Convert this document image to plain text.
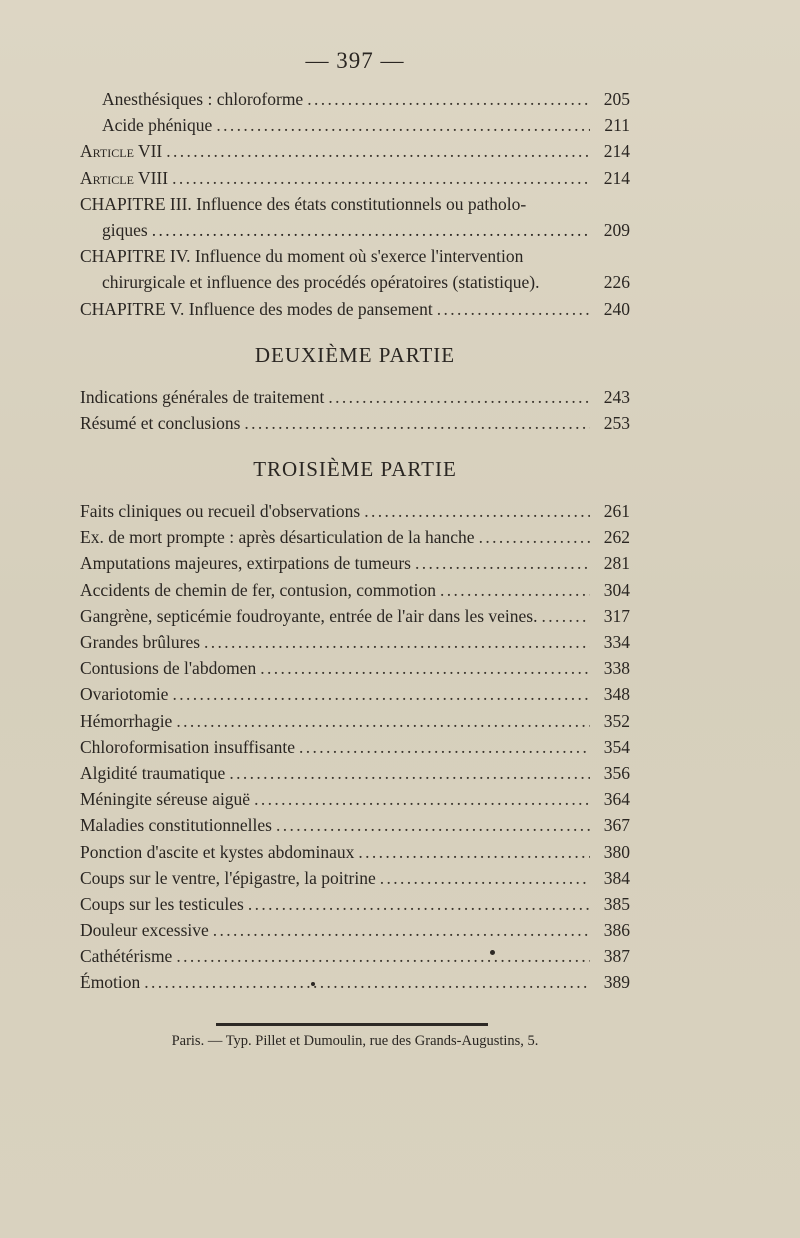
— 397 —
Anesthésiques : chloroforme . . .	205
Acide phénique . . .	211
Article VII . . .	214
Article VIII . . .	214
CHAPITRE III. Influence des états constitutionnels ou patholo-
giques . . .	209
CHAPITRE IV. Influence du moment où s'exerce l'intervention
chirurgicale et influence des procédés opératoires (statistique).	226
CHAPITRE V. Influence des modes de pansement . . .	240
DEUXIÈME PARTIE
Indications générales de traitement . . .	243
Résumé et conclusions . . .	253
TROISIÈME PARTIE
Faits cliniques ou recueil d'observations . . .	261
Ex. de mort prompte : après désarticulation de la hanche . . .	262
Amputations majeures, extirpations de tumeurs . . .	281
Accidents de chemin de fer, contusion, commotion . . .	304
Gangrène, septicémie foudroyante, entrée de l'air dans les veines. . . .	317
Grandes brûlures . . .	334
Contusions de l'abdomen . . .	338
Ovariotomie . . .	348
Hémorrhagie . . .	352
Chloroformisation insuffisante . . .	354
Algidité traumatique . . .	356
Méningite séreuse aiguë . . .	364
Maladies constitutionnelles . . .	367
Ponction d'ascite et kystes abdominaux . . .	380
Coups sur le ventre, l'épigastre, la poitrine . . .	384
Coups sur les testicules . . .	385
Douleur excessive . . .	386
Cathétérisme . . .	387
Émotion . . .	389
Paris. — Typ. Pillet et Dumoulin, rue des Grands-Augustins, 5.
